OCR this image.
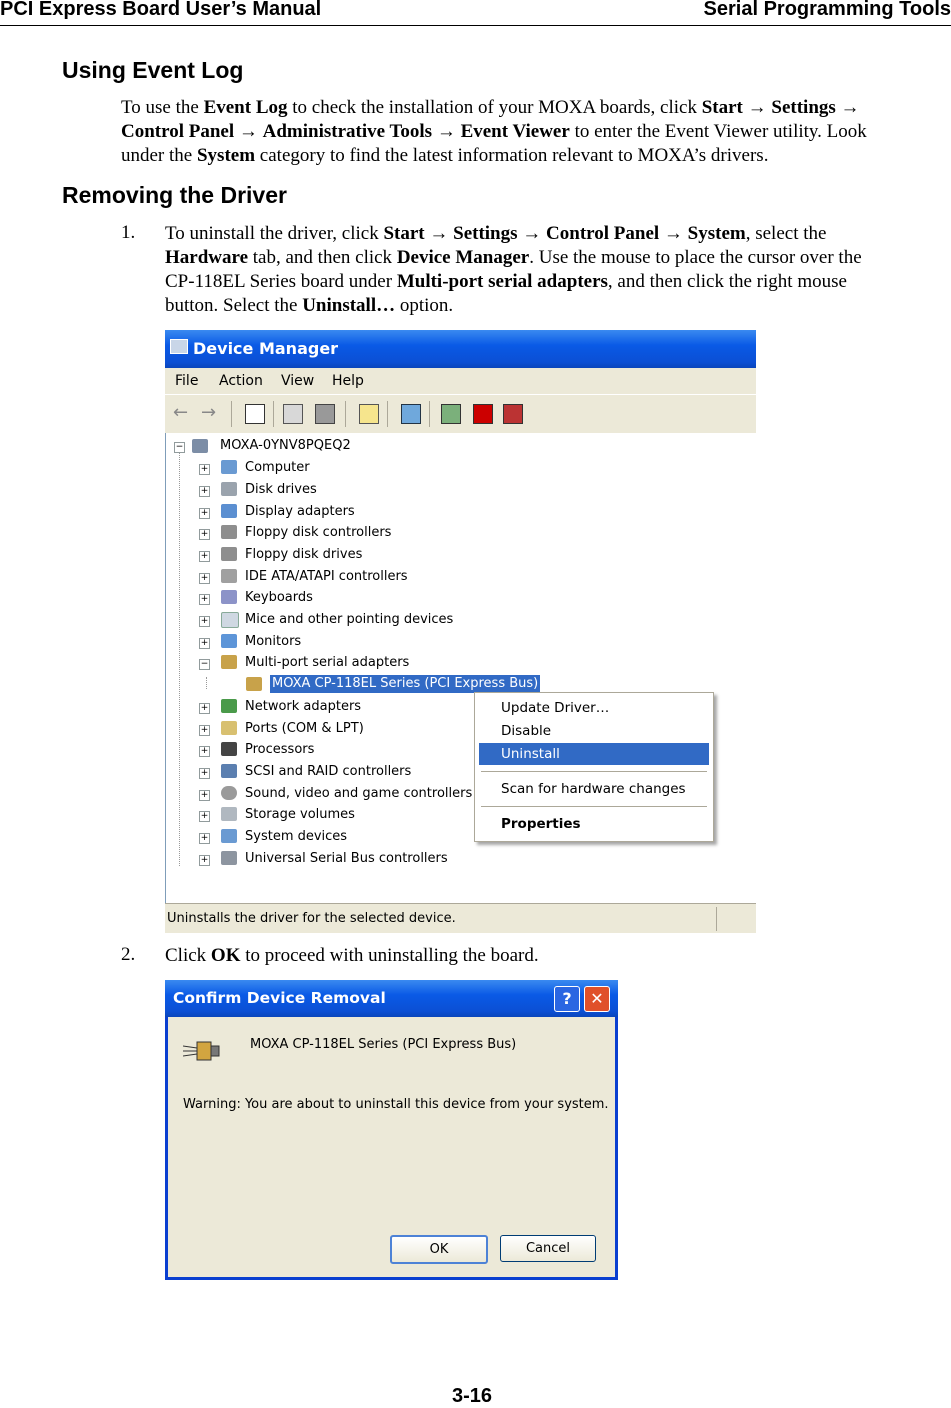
PCI Express Board User’s Manual	Serial Programming Tools
Using Event Log
To use the Event Log to check the installation of your MOXA boards, click Start → Settings →
Control Panel → Administrative Tools → Event Viewer to enter the Event Viewer utility. Look
under the System category to find the latest information relevant to MOXA’s drivers.
Removing the Driver
1. To uninstall the driver, click Start → Settings → Control Panel → System, select the
Hardware tab, and then click Device Manager. Use the mouse to place the cursor over the
CP-118EL Series board under Multi-port serial adapters, and then click the right mouse
button. Select the Uninstall… option.
Device Manager
File Action View Help
← →
−	MOXA-0YNV8PQEQ2
+	Computer
+	Disk drives
+	Display adapters
+	Floppy disk controllers
+	Floppy disk drives
+	IDE ATA/ATAPI controllers
+	Keyboards
+	Mice and other pointing devices
+	Monitors
−	Multi-port serial adapters
MOXA CP-118EL Series (PCI Express Bus)
+	Network adapters
+	Ports (COM & LPT)
+	Processors
+	SCSI and RAID controllers
+	Sound, video and game controllers
+	Storage volumes
+	System devices
+	Universal Serial Bus controllers
Update Driver…
Disable
Uninstall
Scan for hardware changes
Properties
Uninstalls the driver for the selected device.
2. Click OK to proceed with uninstalling the board.
Confirm Device Removal	?	✕
MOXA CP-118EL Series (PCI Express Bus)
Warning: You are about to uninstall this device from your system.
OK	Cancel
3-16
